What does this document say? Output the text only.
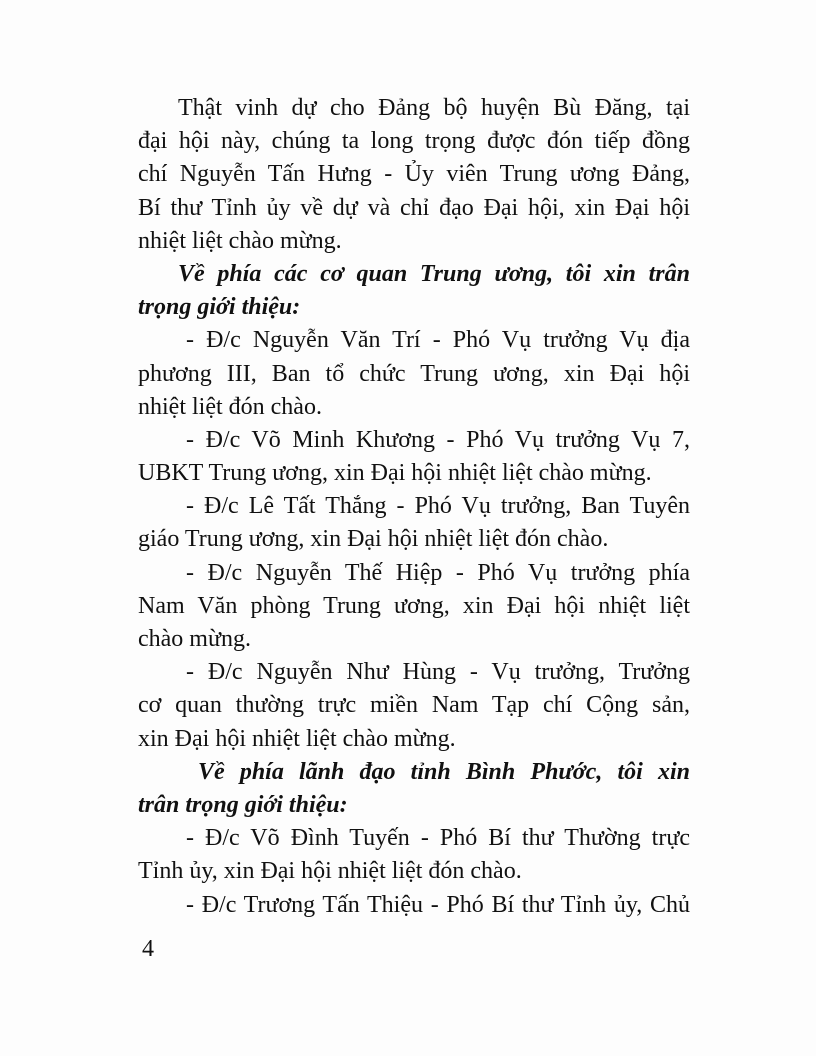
Thật vinh dự cho Đảng bộ huyện Bù Đăng, tại
đại hội này, chúng ta long trọng được đón tiếp đồng
chí Nguyễn Tấn Hưng - Ủy viên Trung ương Đảng,
Bí thư Tỉnh ủy về dự và chỉ đạo Đại hội, xin Đại hội
nhiệt liệt chào mừng.
Về phía các cơ quan Trung ương, tôi xin trân
trọng giới thiệu:
- Đ/c Nguyễn Văn Trí - Phó Vụ trưởng Vụ địa
phương III, Ban tổ chức Trung ương, xin Đại hội
nhiệt liệt đón chào.
- Đ/c Võ Minh Khương - Phó Vụ trưởng Vụ 7,
UBKT Trung ương, xin Đại hội nhiệt liệt chào mừng.
- Đ/c Lê Tất Thắng - Phó Vụ trưởng, Ban Tuyên
giáo Trung ương, xin Đại hội nhiệt liệt đón chào.
- Đ/c Nguyễn Thế Hiệp - Phó Vụ trưởng phía
Nam Văn phòng Trung ương, xin Đại hội nhiệt liệt
chào mừng.
- Đ/c Nguyễn Như Hùng - Vụ trưởng, Trưởng
cơ quan thường trực miền Nam Tạp chí Cộng sản,
xin Đại hội nhiệt liệt chào mừng.
Về phía lãnh đạo tỉnh Bình Phước, tôi xin
trân trọng giới thiệu:
- Đ/c Võ Đình Tuyến - Phó Bí thư Thường trực
Tỉnh ủy, xin Đại hội nhiệt liệt đón chào.
- Đ/c Trương Tấn Thiệu - Phó Bí thư Tỉnh ủy, Chủ
4
